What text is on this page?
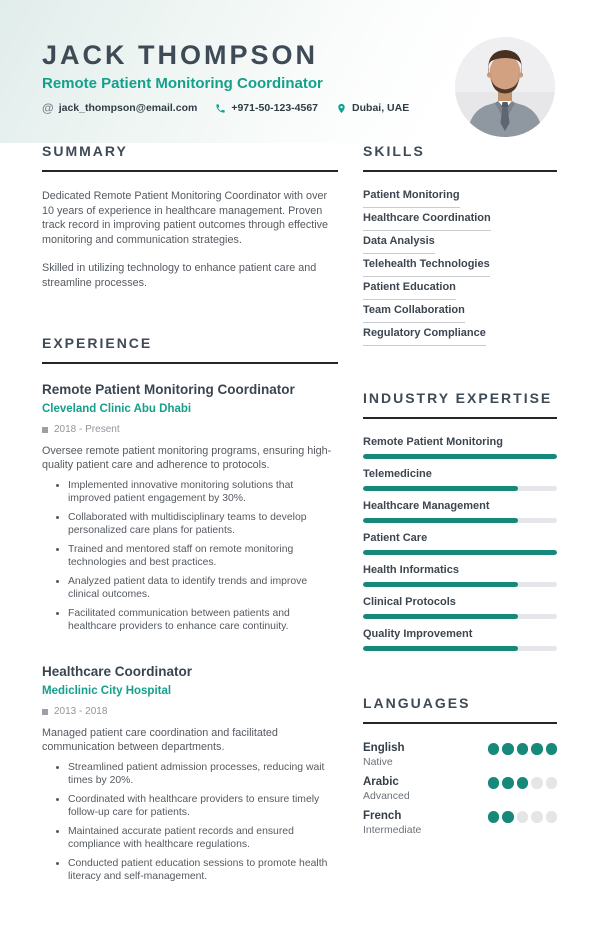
JACK THOMPSON
Remote Patient Monitoring Coordinator
@ jack_thompson@email.com	+971-50-123-4567	Dubai, UAE
SUMMARY

Dedicated Remote Patient Monitoring Coordinator with over 10 years of experience in healthcare management. Proven track record in improving patient outcomes through effective monitoring and communication strategies.

Skilled in utilizing technology to enhance patient care and streamline processes.

EXPERIENCE
Remote Patient Monitoring Coordinator
Cleveland Clinic Abu Dhabi
2018 - Present

Oversee remote patient monitoring programs, ensuring high-quality patient care and adherence to protocols.

• Implemented innovative monitoring solutions that improved patient engagement by 30%.
• Collaborated with multidisciplinary teams to develop personalized care plans for patients.
• Trained and mentored staff on remote monitoring technologies and best practices.
• Analyzed patient data to identify trends and improve clinical outcomes.
• Facilitated communication between patients and healthcare providers to enhance care continuity.
Healthcare Coordinator
Mediclinic City Hospital
2013 - 2018

Managed patient care coordination and facilitated communication between departments.

• Streamlined patient admission processes, reducing wait times by 20%.
• Coordinated with healthcare providers to ensure timely follow-up care for patients.
• Maintained accurate patient records and ensured compliance with healthcare regulations.
• Conducted patient education sessions to promote health literacy and self-management.
SKILLS
Patient Monitoring
Healthcare Coordination
Data Analysis
Telehealth Technologies
Patient Education
Team Collaboration
Regulatory Compliance
INDUSTRY EXPERTISE
Remote Patient Monitoring
Telemedicine
Healthcare Management
Patient Care
Health Informatics
Clinical Protocols
Quality Improvement
LANGUAGES
English
Native
Arabic
Advanced
French
Intermediate
